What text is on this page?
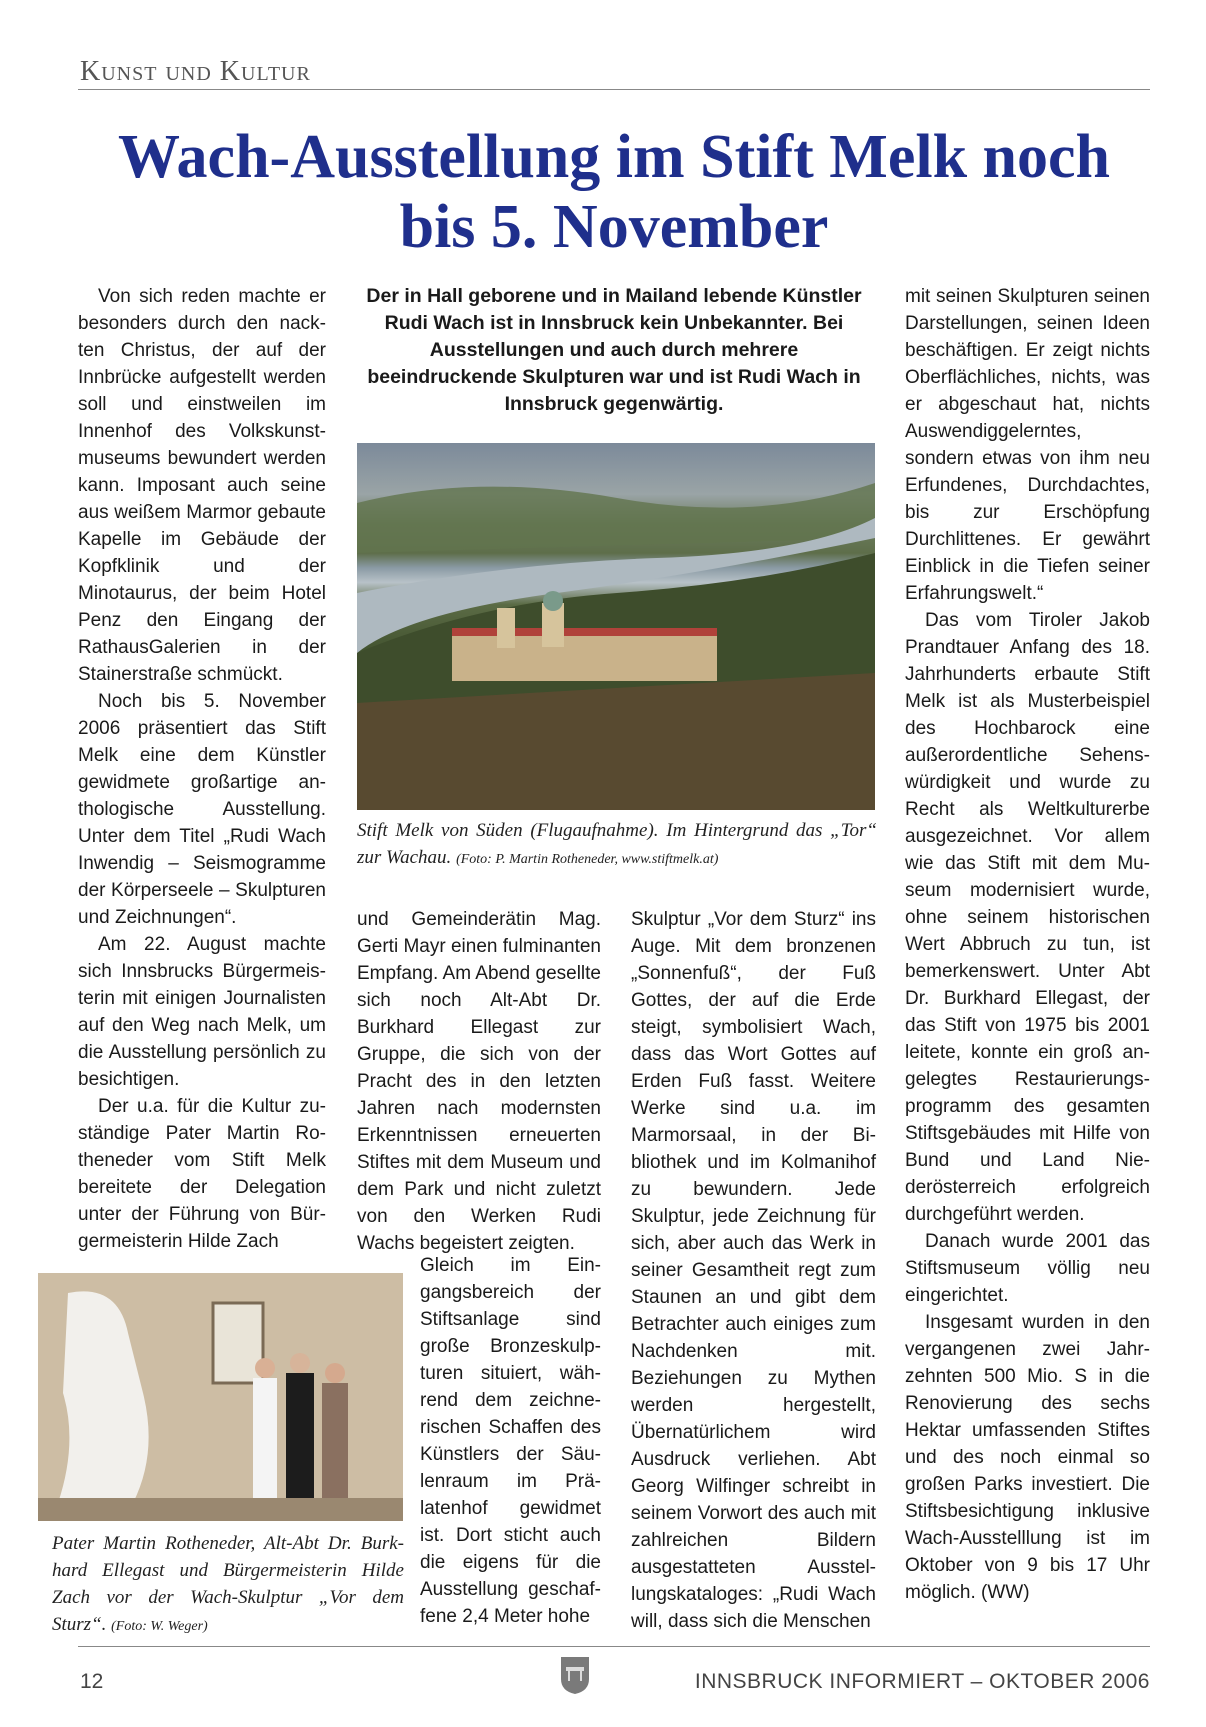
Kunst und Kultur
Wach-Ausstellung im Stift Melk noch bis 5. November

Von sich reden machte er besonders durch den nackten Christus, der auf der Innbrücke aufgestellt werden soll und einstweilen im Innenhof des Volkskunstmuseums bewundert werden kann. Imposant auch seine aus weißem Marmor gebaute Kapelle im Gebäude der Kopfklinik und der Minotaurus, der beim Hotel Penz den Eingang der RathausGalerien in der Stainerstraße schmückt.

Noch bis 5. November 2006 präsentiert das Stift Melk eine dem Künstler gewidmete großartige anthologische Ausstellung. Unter dem Titel „Rudi Wach Inwendig – Seismogramme der Körperseele – Skulpturen und Zeichnungen“.

Am 22. August machte sich Innsbrucks Bürgermeisterin mit einigen Journalisten auf den Weg nach Melk, um die Ausstellung persönlich zu besichtigen.

Der u.a. für die Kultur zuständige Pater Martin Rotheneder vom Stift Melk bereitete der Delegation unter der Führung von Bürgermeisterin Hilde Zach

Der in Hall geborene und in Mailand lebende Künstler Rudi Wach ist in Innsbruck kein Unbekannter. Bei Ausstellungen und auch durch mehrere beeindruckende Skulpturen war und ist Rudi Wach in Innsbruck gegenwärtig.
Stift Melk von Süden (Flugaufnahme). Im Hintergrund das „Tor“ zur Wachau. (Foto: P. Martin Rotheneder, www.stiftmelk.at)
und Gemeinderätin Mag. Gerti Mayr einen fulminanten Empfang. Am Abend gesellte sich noch Alt-Abt Dr. Burkhard Ellegast zur Gruppe, die sich von der Pracht des in den letzten Jahren nach modernsten Erkenntnissen erneuerten Stiftes mit dem Museum und dem Park und nicht zuletzt von den Werken Rudi Wachs begeistert zeigten.
Gleich im Eingangsbereich der Stiftsanlage sind große Bronzeskulpturen situiert, während dem zeichnerischen Schaffen des Künstlers der Säulenraum im Prälatenhof gewidmet ist. Dort sticht auch die eigens für die Ausstellung geschaffene 2,4 Meter hohe
Pater Martin Rotheneder, Alt-Abt Dr. Burkhard Ellegast und Bürgermeisterin Hilde Zach vor der Wach-Skulptur „Vor dem Sturz“. (Foto: W. Weger)
Skulptur „Vor dem Sturz“ ins Auge. Mit dem bronzenen „Sonnenfuß“, der Fuß Gottes, der auf die Erde steigt, symbolisiert Wach, dass das Wort Gottes auf Erden Fuß fasst. Weitere Werke sind u.a. im Marmorsaal, in der Bibliothek und im Kolmanihof zu bewundern. Jede Skulptur, jede Zeichnung für sich, aber auch das Werk in seiner Gesamtheit regt zum Staunen an und gibt dem Betrachter auch einiges zum Nachdenken mit. Beziehungen zu Mythen werden hergestellt, Übernatürlichem wird Ausdruck verliehen. Abt Georg Wilfinger schreibt in seinem Vorwort des auch mit zahlreichen Bildern ausgestatteten Ausstellungskataloges: „Rudi Wach will, dass sich die Menschen

mit seinen Skulpturen seinen Darstellungen, seinen Ideen beschäftigen. Er zeigt nichts Oberflächliches, nichts, was er abgeschaut hat, nichts Auswendiggelerntes, sondern etwas von ihm neu Erfundenes, Durchdachtes, bis zur Erschöpfung Durchlittenes. Er gewährt Einblick in die Tiefen seiner Erfahrungswelt.“

Das vom Tiroler Jakob Prandtauer Anfang des 18. Jahrhunderts erbaute Stift Melk ist als Musterbeispiel des Hochbarock eine außerordentliche Sehenswürdigkeit und wurde zu Recht als Weltkulturerbe ausgezeichnet. Vor allem wie das Stift mit dem Museum modernisiert wurde, ohne seinem historischen Wert Abbruch zu tun, ist bemerkenswert. Unter Abt Dr. Burkhard Ellegast, der das Stift von 1975 bis 2001 leitete, konnte ein groß angelegtes Restaurierungsprogramm des gesamten Stiftsgebäudes mit Hilfe von Bund und Land Niederösterreich erfolgreich durchgeführt werden.

Danach wurde 2001 das Stiftsmuseum völlig neu eingerichtet.

Insgesamt wurden in den vergangenen zwei Jahrzehnten 500 Mio. S in die Renovierung des sechs Hektar umfassenden Stiftes und des noch einmal so großen Parks investiert. Die Stiftsbesichtigung inklusive Wach-Ausstelllung ist im Oktober von 9 bis 17 Uhr möglich. (WW)

12	INNSBRUCK INFORMIERT – OKTOBER 2006
